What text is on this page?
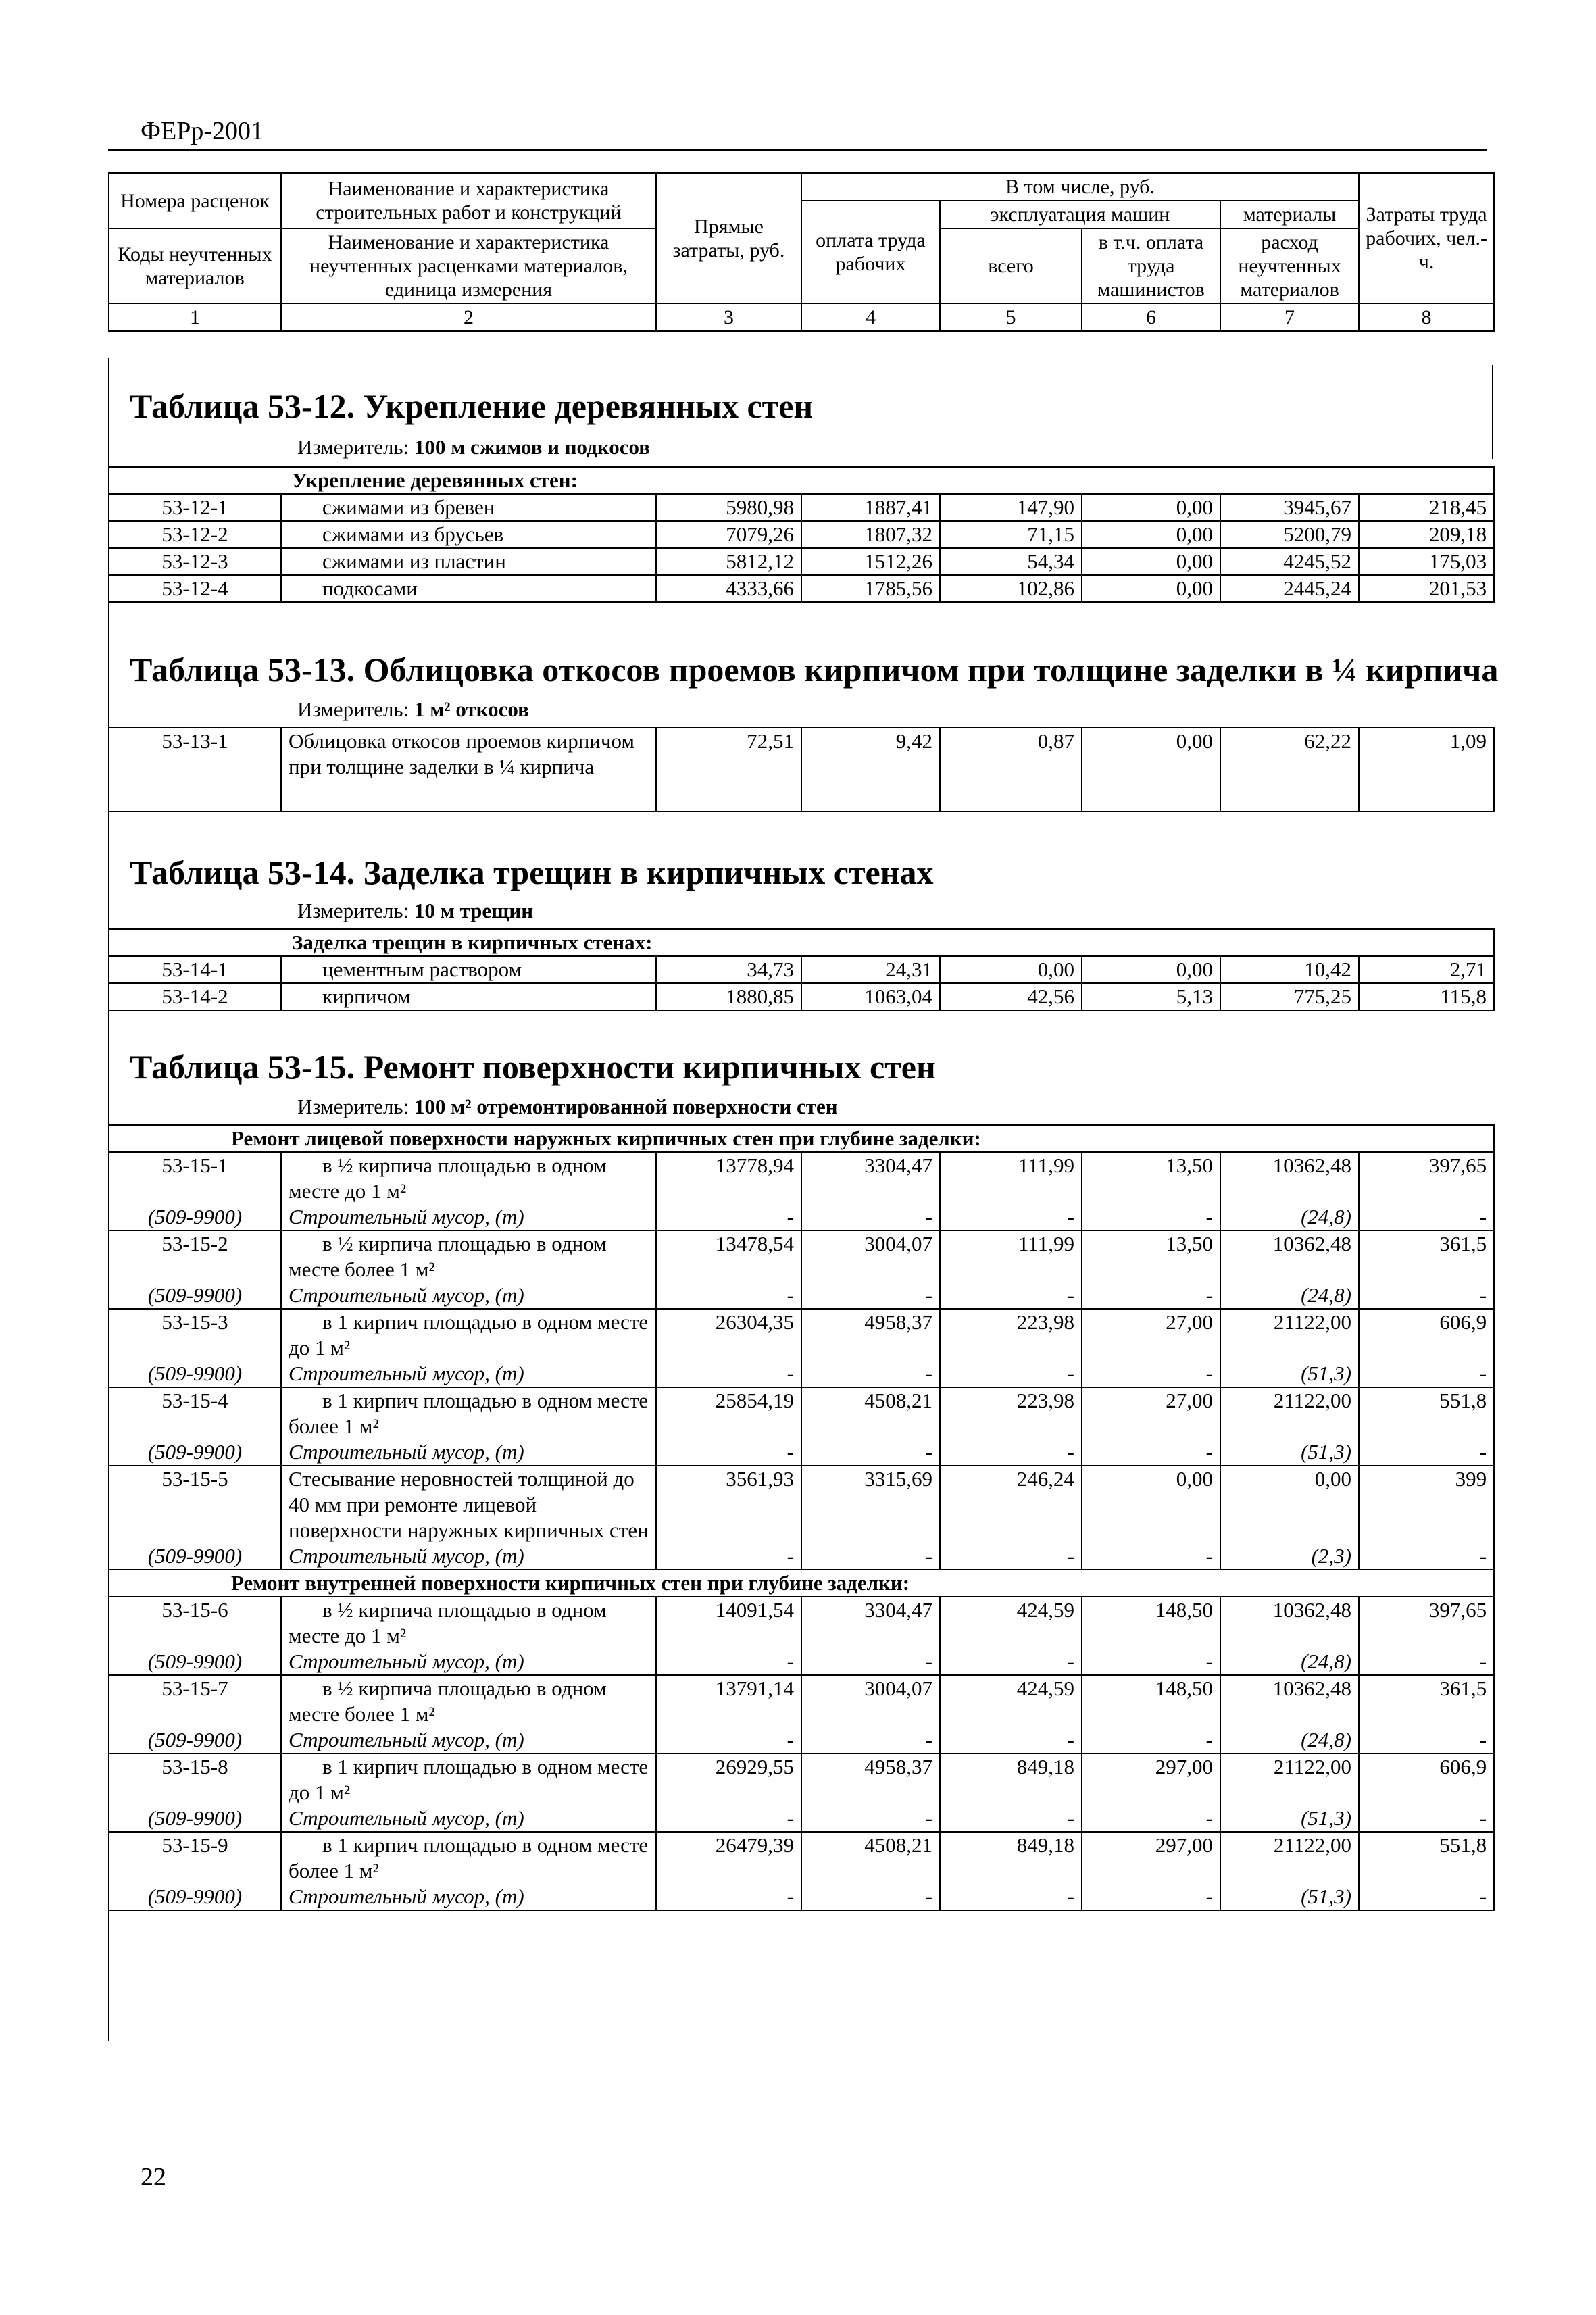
ФЕРр-2001
Номера расценок	Наименование и характеристика строительных работ и конструкций	Прямые затраты, руб.	В том числе, руб.				Затраты труда рабочих, чел.-ч.
			оплата труда рабочих	эксплуатация машин		материалы	
Коды неучтенных материалов	Наименование и характеристика неучтенных расценками материалов, единица измерения			всего	в т.ч. оплата труда машинистов	расход неучтенных материалов	

1	2	3	4	5	6	7	8
Таблица 53-12. Укрепление деревянных стен
Измеритель: 100 м сжимов и подкосов
Укрепление деревянных стен:							
53-12-1	сжимами из бревен	5980,98	1887,41	147,90	0,00	3945,67	218,45
53-12-2	сжимами из брусьев	7079,26	1807,32	71,15	0,00	5200,79	209,18
53-12-3	сжимами из пластин	5812,12	1512,26	54,34	0,00	4245,52	175,03
53-12-4	подкосами	4333,66	1785,56	102,86	0,00	2445,24	201,53
Таблица 53-13. Облицовка откосов проемов кирпичом при толщине заделки в ¼ кирпича
Измеритель: 1 м² откосов
53-13-1	Облицовка откосов проемов кирпичом при толщине заделки в ¼ кирпича	72,51	9,42	0,87	0,00	62,22	1,09
Таблица 53-14. Заделка трещин в кирпичных стенах
Измеритель: 10 м трещин
Заделка трещин в кирпичных стенах:							
53-14-1	цементным раствором	34,73	24,31	0,00	0,00	10,42	2,71
53-14-2	кирпичом	1880,85	1063,04	42,56	5,13	775,25	115,8
Таблица 53-15. Ремонт поверхности кирпичных стен
Измеритель: 100 м² отремонтированной поверхности стен
Ремонт лицевой поверхности наружных кирпичных стен при глубине заделки:							
53-15-1	в ½ кирпича площадью в одном месте до 1 м²	13778,94	3304,47	111,99	13,50	10362,48	397,65
(509-9900)	Строительный мусор, (т)	-	-	-	-	(24,8)	-
53-15-2	в ½ кирпича площадью в одном месте более 1 м²	13478,54	3004,07	111,99	13,50	10362,48	361,5
(509-9900)	Строительный мусор, (т)	-	-	-	-	(24,8)	-
53-15-3	в 1 кирпич площадью в одном месте до 1 м²	26304,35	4958,37	223,98	27,00	21122,00	606,9
(509-9900)	Строительный мусор, (т)	-	-	-	-	(51,3)	-
53-15-4	в 1 кирпич площадью в одном месте более 1 м²	25854,19	4508,21	223,98	27,00	21122,00	551,8
(509-9900)	Строительный мусор, (т)	-	-	-	-	(51,3)	-
53-15-5	Стесывание неровностей толщиной до 40 мм при ремонте лицевой поверхности наружных кирпичных стен	3561,93	3315,69	246,24	0,00	0,00	399
(509-9900)	Строительный мусор, (т)	-	-	-	-	(2,3)	-
Ремонт внутренней поверхности кирпичных стен при глубине заделки:							
53-15-6	в ½ кирпича площадью в одном месте до 1 м²	14091,54	3304,47	424,59	148,50	10362,48	397,65
(509-9900)	Строительный мусор, (т)	-	-	-	-	(24,8)	-
53-15-7	в ½ кирпича площадью в одном месте более 1 м²	13791,14	3004,07	424,59	148,50	10362,48	361,5
(509-9900)	Строительный мусор, (т)	-	-	-	-	(24,8)	-
53-15-8	в 1 кирпич площадью в одном месте до 1 м²	26929,55	4958,37	849,18	297,00	21122,00	606,9
(509-9900)	Строительный мусор, (т)	-	-	-	-	(51,3)	-
53-15-9	в 1 кирпич площадью в одном месте более 1 м²	26479,39	4508,21	849,18	297,00	21122,00	551,8
(509-9900)	Строительный мусор, (т)	-	-	-	-	(51,3)	-
22
